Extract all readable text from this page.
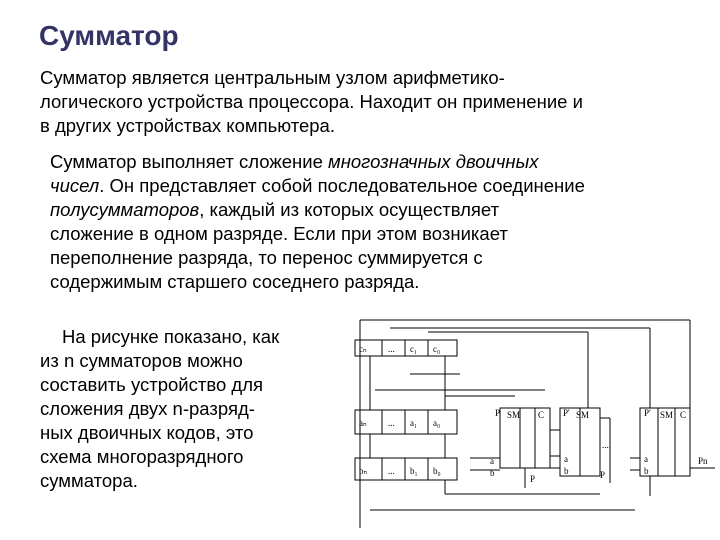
Сумматор
Сумматор является центральным узлом арифметико-
логического устройства процессора. Находит он применение и
в других устройствах компьютера.
Сумматор выполняет сложение многозначных двоичных
чисел. Он представляет собой последовательное соединение
полусумматоров, каждый из которых осуществляет
сложение в одном разряде. Если при этом возникает
переполнение разряда, то перенос суммируется с
содержимым старшего соседнего разряда.
На рисунке показано, как
из n сумматоров можно
составить устройство для
сложения двух n-разряд-
ных двоичных кодов, это
схема многоразрядного
сумматора.
cₙ ... c₁ c₀
aₙ ... a₁ a₀
bₙ ... b₁ b₀
P SM C
a
b
P
P' SM
a
b	P
P' SM C
a
b
Pn
....
